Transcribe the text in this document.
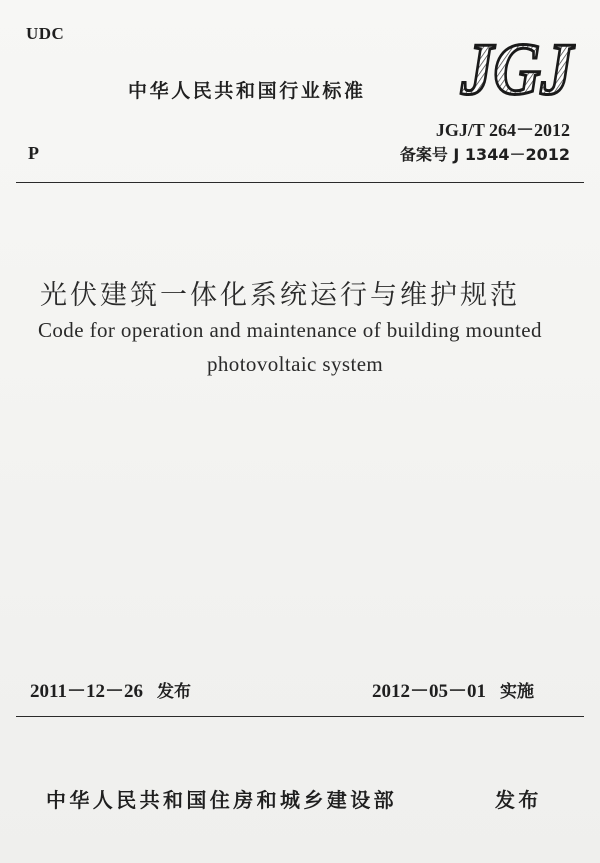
UDC
中华人民共和国行业标准 JGJ
JGJ/T 264－2012
P	备案号 J 1344－2012
光伏建筑一体化系统运行与维护规范
Code for operation and maintenance of building mounted
photovoltaic system
2011－12－26 发布	2012－05－01 实施
中华人民共和国住房和城乡建设部	发布
